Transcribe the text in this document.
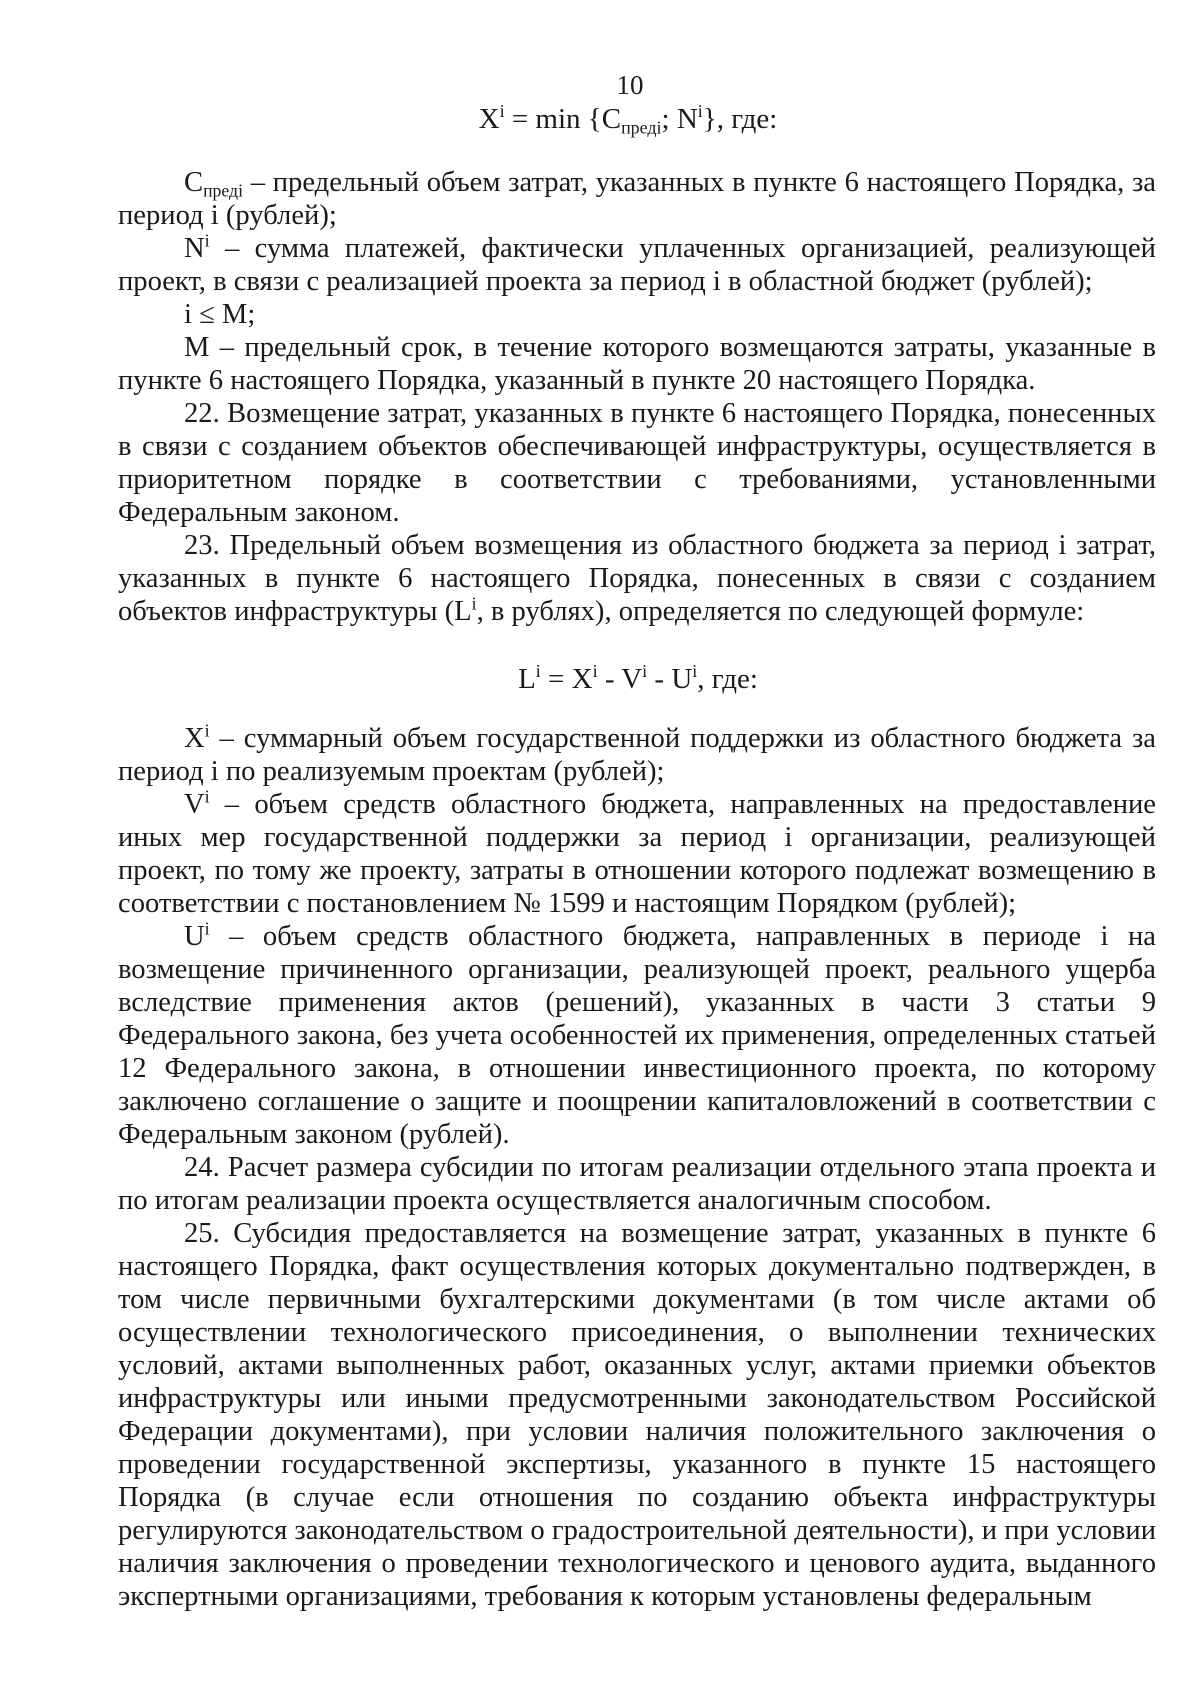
10
$X^i = \min \{С_{предi}$; $N^i$}, где:

$С_{предi}$ – предельный объем затрат, указанных в пункте 6 настоящего Порядка, за период i (рублей);

$N^i$ – сумма платежей, фактически уплаченных организацией, реализующей проект, в связи с реализацией проекта за период i в областной бюджет (рублей);

i ≤ М;

М – предельный срок, в течение которого возмещаются затраты, указанные в пункте 6 настоящего Порядка, указанный в пункте 20 настоящего Порядка.

22. Возмещение затрат, указанных в пункте 6 настоящего Порядка, понесенных в связи с созданием объектов обеспечивающей инфраструктуры, осуществляется в приоритетном порядке в соответствии с требованиями, установленными Федеральным законом.

23. Предельный объем возмещения из областного бюджета за период i затрат, указанных в пункте 6 настоящего Порядка, понесенных в связи с созданием объектов инфраструктуры ($L^i$, в рублях), определяется по следующей формуле:

$L^i = X^i - V^i - U^i$, где:

$X^i$ – суммарный объем государственной поддержки из областного бюджета за период i по реализуемым проектам (рублей);

$V^i$ – объем средств областного бюджета, направленных на предоставление иных мер государственной поддержки за период i организации, реализующей проект, по тому же проекту, затраты в отношении которого подлежат возмещению в соответствии с постановлением № 1599 и настоящим Порядком (рублей);

$U^i$ – объем средств областного бюджета, направленных в периоде i на возмещение причиненного организации, реализующей проект, реального ущерба вследствие применения актов (решений), указанных в части 3 статьи 9 Федерального закона, без учета особенностей их применения, определенных статьей 12 Федерального закона, в отношении инвестиционного проекта, по которому заключено соглашение о защите и поощрении капиталовложений в соответствии с Федеральным законом (рублей).

24. Расчет размера субсидии по итогам реализации отдельного этапа проекта и по итогам реализации проекта осуществляется аналогичным способом.

25. Субсидия предоставляется на возмещение затрат, указанных в пункте 6 настоящего Порядка, факт осуществления которых документально подтвержден, в том числе первичными бухгалтерскими документами (в том числе актами об осуществлении технологического присоединения, о выполнении технических условий, актами выполненных работ, оказанных услуг, актами приемки объектов инфраструктуры или иными предусмотренными законодательством Российской Федерации документами), при условии наличия положительного заключения о проведении государственной экспертизы, указанного в пункте 15 настоящего Порядка (в случае если отношения по созданию объекта инфраструктуры регулируются законодательством о градостроительной деятельности), и при условии наличия заключения о проведении технологического и ценового аудита, выданного экспертными организациями, требования к которым установлены федеральным
